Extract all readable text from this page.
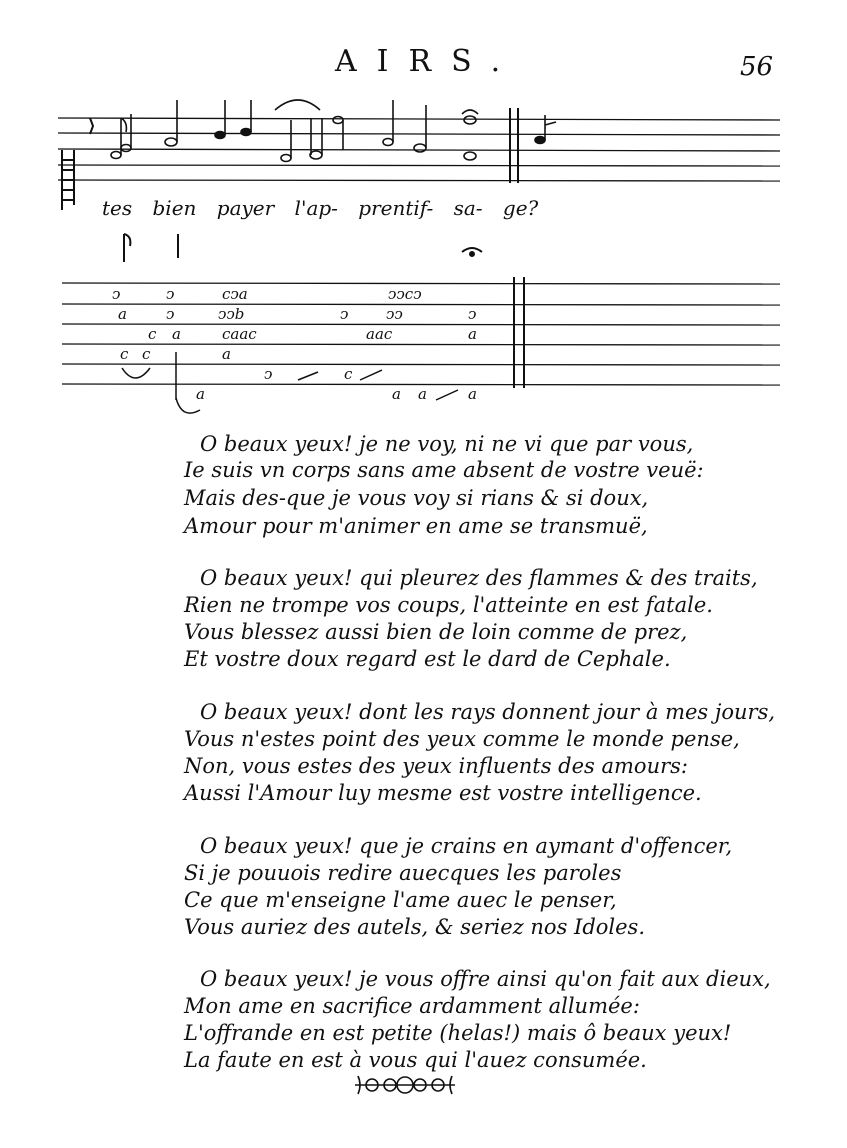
AIRS.	56
tes bien payer l'ap- prentif- sa- ge?
ↄ	ↄ	cↄa	ↄↄcↄ
a	ↄ	ↄↄb	ↄ	ↄↄ	ↄ
c a	caac	aac	a
c c	a
ↄ	c
a	a a	a
O beaux yeux! je ne voy, ni ne vi que par vous,
Ie suis vn corps sans ame absent de vostre veuë:
Mais des-que je vous voy si rians & si doux,
Amour pour m'animer en ame se transmuë,
O beaux yeux! qui pleurez des flammes & des traits,
Rien ne trompe vos coups, l'atteinte en est fatale.
Vous blessez aussi bien de loin comme de prez,
Et vostre doux regard est le dard de Cephale.
O beaux yeux! dont les rays donnent jour à mes jours,
Vous n'estes point des yeux comme le monde pense,
Non, vous estes des yeux influents des amours:
Aussi l'Amour luy mesme est vostre intelligence.
O beaux yeux! que je crains en aymant d'offencer,
Si je pouuois redire auecques les paroles
Ce que m'enseigne l'ame auec le penser,
Vous auriez des autels, & seriez nos Idoles.
O beaux yeux! je vous offre ainsi qu'on fait aux dieux,
Mon ame en sacrifice ardamment allumée:
L'offrande en est petite (helas!) mais ô beaux yeux!
La faute en est à vous qui l'auez consumée.
